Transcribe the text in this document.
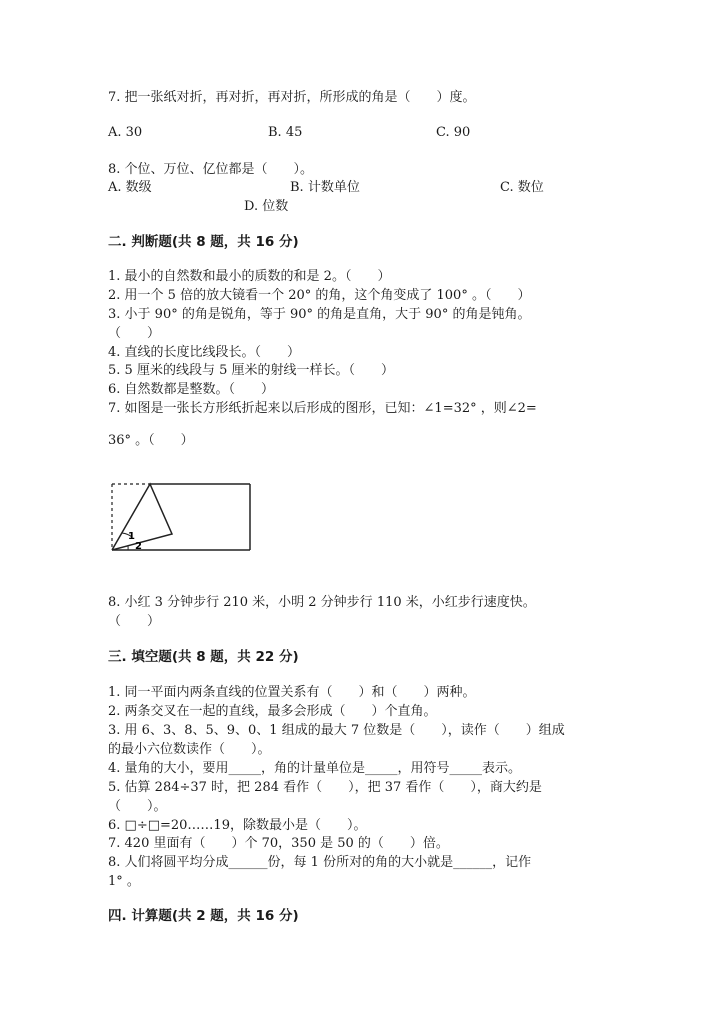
7. 把一张纸对折，再对折，再对折，所形成的角是（　　）度。
A. 30	B. 45	C. 90
8. 个位、万位、亿位都是（　　）。
A. 数级	B. 计数单位	C. 数位
D. 位数
二. 判断题(共 8 题，共 16 分)
1. 最小的自然数和最小的质数的和是 2。（　　）
2. 用一个 5 倍的放大镜看一个 20° 的角，这个角变成了 100° 。（　　）
3. 小于 90° 的角是锐角，等于 90° 的角是直角，大于 90° 的角是钝角。
（　　）
4. 直线的长度比线段长。（　　）
5. 5 厘米的线段与 5 厘米的射线一样长。（　　）
6. 自然数都是整数。（　　）
7. 如图是一张长方形纸折起来以后形成的图形，已知：∠1=32° ，则∠2=
36° 。（　　）
1
2
8. 小红 3 分钟步行 210 米，小明 2 分钟步行 110 米，小红步行速度快。
（　　）
三. 填空题(共 8 题，共 22 分)
1. 同一平面内两条直线的位置关系有（　　）和（　　）两种。
2. 两条交叉在一起的直线，最多会形成（　　）个直角。
3. 用 6、3、8、5、9、0、1 组成的最大 7 位数是（　　），读作（　　）组成
的最小六位数读作（　　）。
4. 量角的大小，要用_____，角的计量单位是_____，用符号_____表示。
5. 估算 284÷37 时，把 284 看作（　　），把 37 看作（　　），商大约是
（　　）。
6. □÷□=20……19，除数最小是（　　）。
7. 420 里面有（　　）个 70，350 是 50 的（　　）倍。
8. 人们将圆平均分成______份，每 1 份所对的角的大小就是______，记作
1° 。
四. 计算题(共 2 题，共 16 分)
